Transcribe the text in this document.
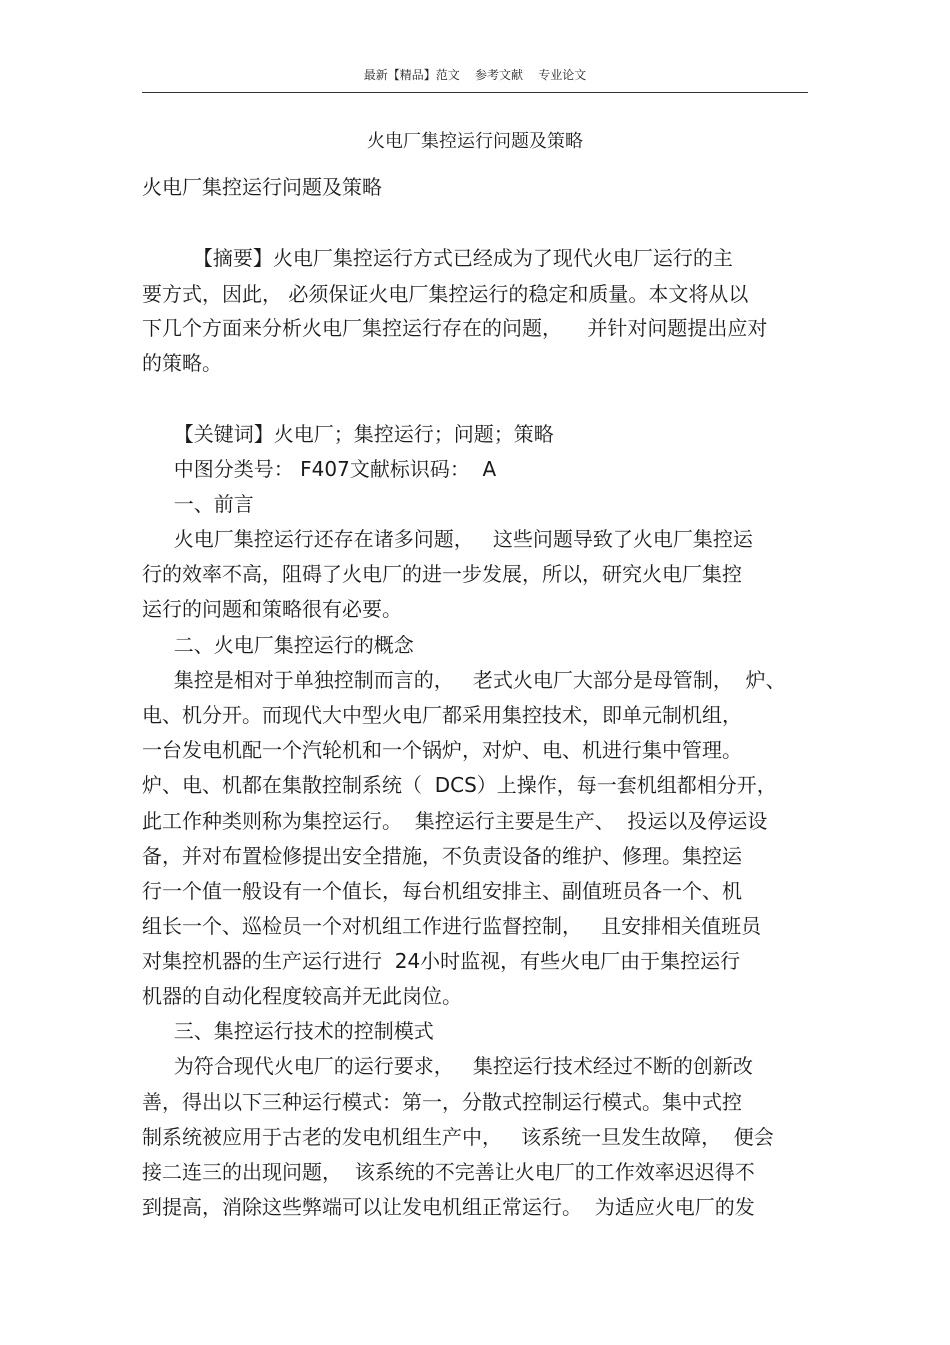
最新【精品】范文    参考文献    专业论文
火电厂集控运行问题及策略
火电厂集控运行问题及策略
【摘要】火电厂集控运行方式已经成为了现代火电厂运行的主
要方式，因此， 必须保证火电厂集控运行的稳定和质量。本文将从以
下几个方面来分析火电厂集控运行存在的问题，    并针对问题提出应对
的策略。
【关键词】火电厂；集控运行；问题；策略
中图分类号： F407文献标识码：  A
一、前言
火电厂集控运行还存在诸多问题，   这些问题导致了火电厂集控运
行的效率不高，阻碍了火电厂的进一步发展，所以，研究火电厂集控
运行的问题和策略很有必要。
二、火电厂集控运行的概念
集控是相对于单独控制而言的，   老式火电厂大部分是母管制，  炉、
电、机分开。而现代大中型火电厂都采用集控技术，即单元制机组，
一台发电机配一个汽轮机和一个锅炉，对炉、电、机进行集中管理。
炉、电、机都在集散控制系统（  DCS）上操作，每一套机组都相分开，
此工作种类则称为集控运行。  集控运行主要是生产、  投运以及停运设
备，并对布置检修提出安全措施，不负责设备的维护、修理。集控运
行一个值一般设有一个值长，每台机组安排主、副值班员各一个、机
组长一个、巡检员一个对机组工作进行监督控制，   且安排相关值班员
对集控机器的生产运行进行  24小时监视，有些火电厂由于集控运行
机器的自动化程度较高并无此岗位。
三、集控运行技术的控制模式
为符合现代火电厂的运行要求，   集控运行技术经过不断的创新改
善，得出以下三种运行模式：第一，分散式控制运行模式。集中式控
制系统被应用于古老的发电机组生产中，   该系统一旦发生故障，  便会
接二连三的出现问题，  该系统的不完善让火电厂的工作效率迟迟得不
到提高，消除这些弊端可以让发电机组正常运行。  为适应火电厂的发
